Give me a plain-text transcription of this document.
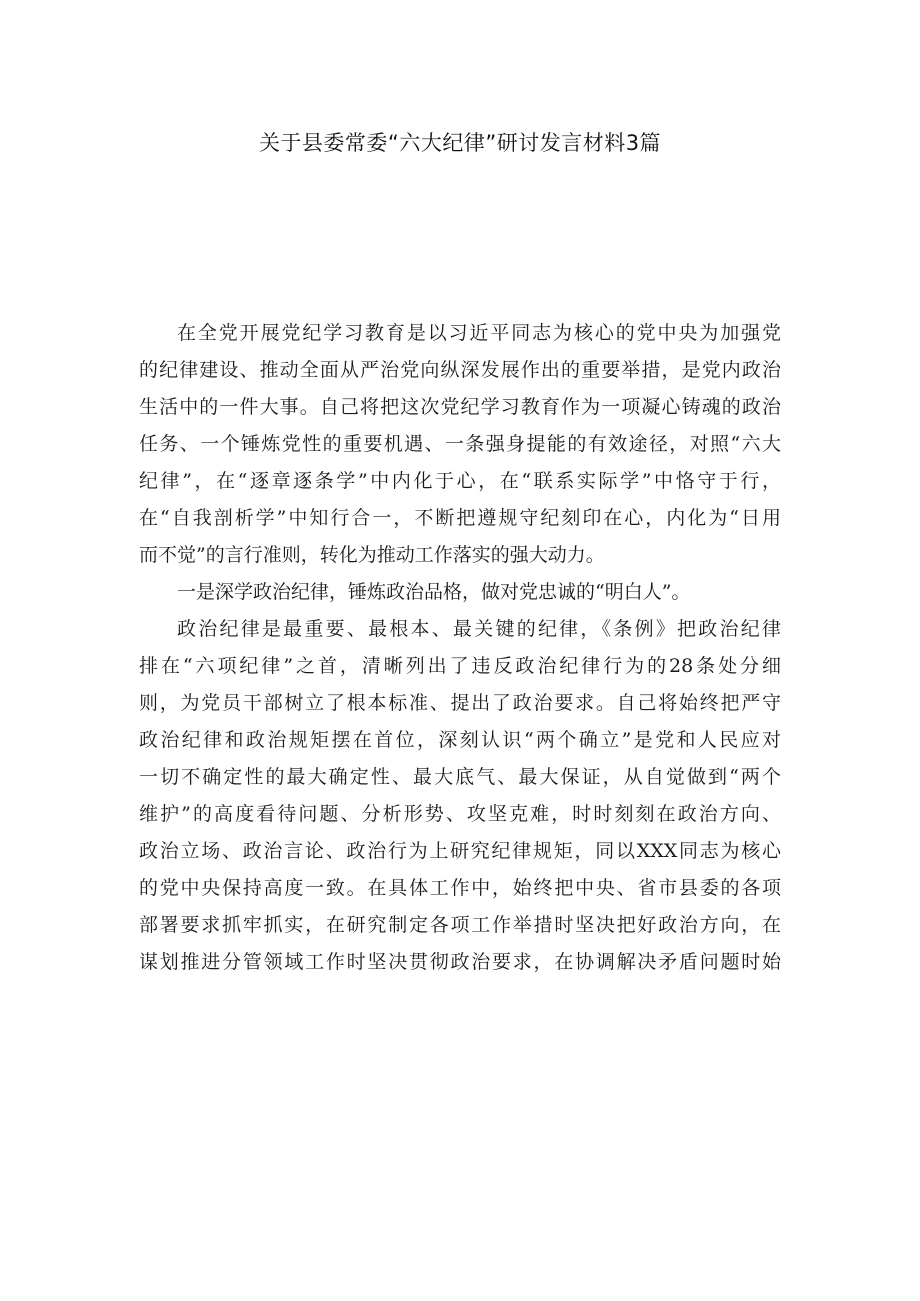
关于县委常委“六大纪律”研讨发言材料3篇
在全党开展党纪学习教育是以习近平同志为核心的党中央为加强党
的纪律建设、推动全面从严治党向纵深发展作出的重要举措，是党内政治
生活中的一件大事。自己将把这次党纪学习教育作为一项凝心铸魂的政治
任务、一个锤炼党性的重要机遇、一条强身提能的有效途径，对照“六大
纪律”，在“逐章逐条学”中内化于心，在“联系实际学”中恪守于行，
在“自我剖析学”中知行合一，不断把遵规守纪刻印在心，内化为“日用
而不觉”的言行准则，转化为推动工作落实的强大动力。
一是深学政治纪律，锤炼政治品格，做对党忠诚的“明白人”。
政治纪律是最重要、最根本、最关键的纪律，《条例》把政治纪律
排在“六项纪律”之首，清晰列出了违反政治纪律行为的28条处分细
则，为党员干部树立了根本标准、提出了政治要求。自己将始终把严守
政治纪律和政治规矩摆在首位，深刻认识“两个确立”是党和人民应对
一切不确定性的最大确定性、最大底气、最大保证，从自觉做到“两个
维护”的高度看待问题、分析形势、攻坚克难，时时刻刻在政治方向、
政治立场、政治言论、政治行为上研究纪律规矩，同以XXX同志为核心
的党中央保持高度一致。在具体工作中，始终把中央、省市县委的各项
部署要求抓牢抓实，在研究制定各项工作举措时坚决把好政治方向，在
谋划推进分管领域工作时坚决贯彻政治要求，在协调解决矛盾问题时始
